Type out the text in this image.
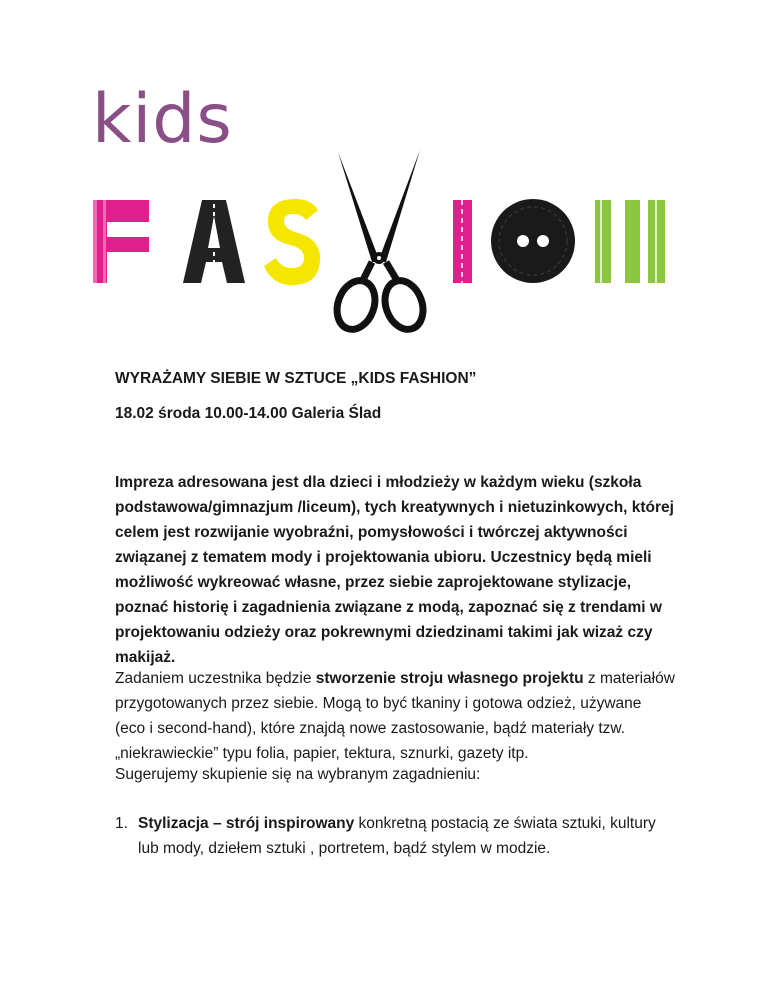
kids

WYRAŻAMY SIEBIE W SZTUCE „KIDS FASHION”

18.02 środa 10.00-14.00 Galeria Ślad

Impreza adresowana jest dla dzieci i młodzieży w każdym wieku (szkoła podstawowa/gimnazjum /liceum), tych kreatywnych i nietuzinkowych, której celem jest rozwijanie wyobraźni, pomysłowości i twórczej aktywności związanej z tematem mody i projektowania ubioru. Uczestnicy będą mieli możliwość wykreować własne, przez siebie zaprojektowane stylizacje, poznać historię i zagadnienia związane z modą, zapoznać się z trendami w projektowaniu odzieży oraz pokrewnymi dziedzinami takimi jak wizaż czy makijaż.

Zadaniem uczestnika będzie stworzenie stroju własnego projektu z materiałów przygotowanych przez siebie. Mogą to być tkaniny i gotowa odzież, używane (eco i second-hand), które znajdą nowe zastosowanie, bądź materiały tzw. „niekrawieckie” typu folia, papier, tektura, sznurki, gazety itp.

Sugerujemy skupienie się na wybranym zagadnieniu:

1. Stylizacja – strój inspirowany konkretną postacią ze świata sztuki, kultury lub mody, dziełem sztuki , portretem, bądź stylem w modzie.
